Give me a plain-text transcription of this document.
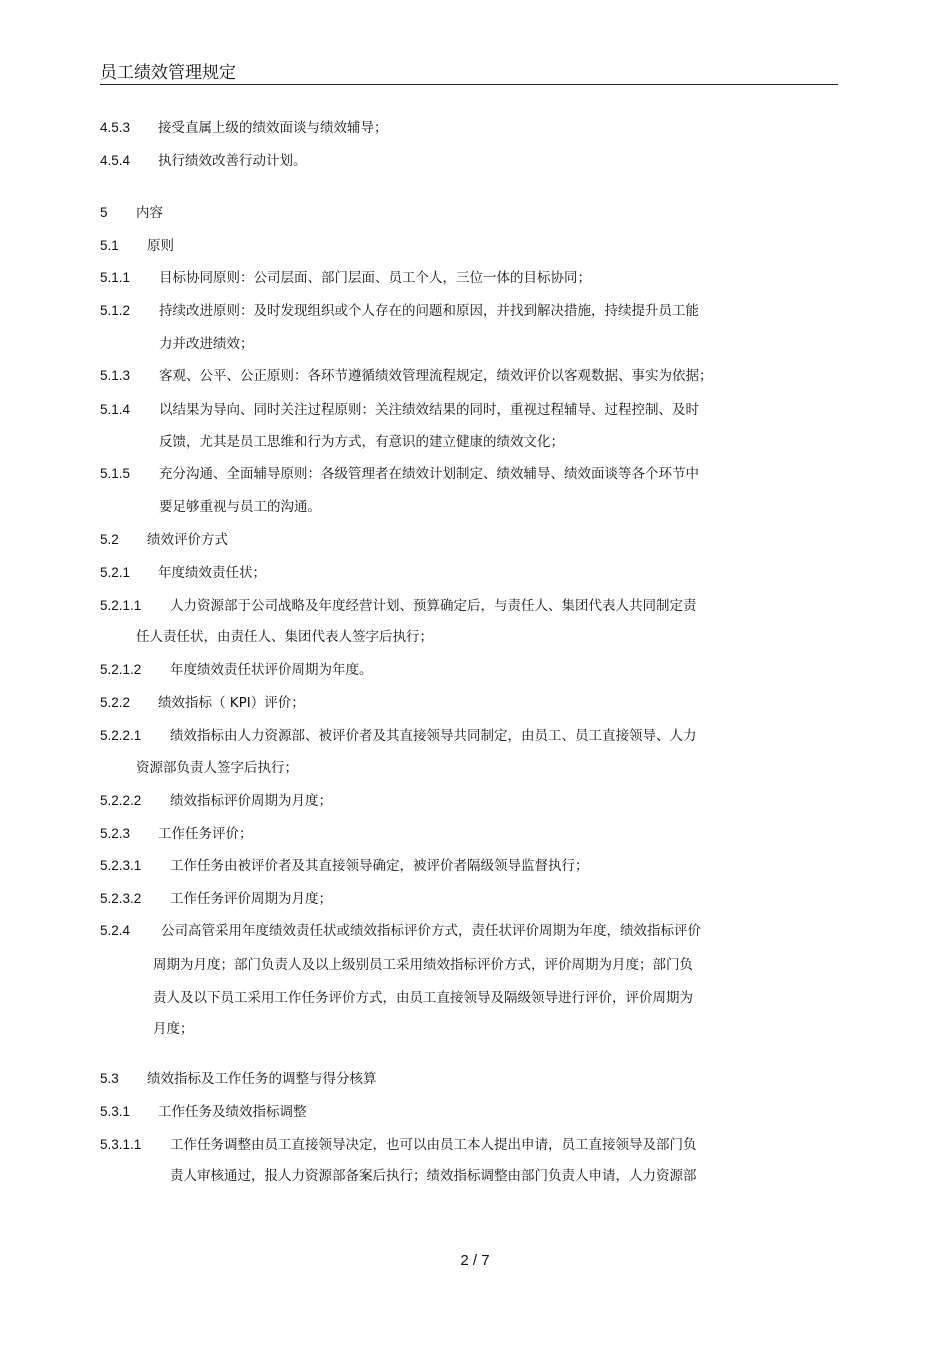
员工绩效管理规定
4.5.3 接受直属上级的绩效面谈与绩效辅导；
4.5.4 执行绩效改善行动计划。
5 内容
5.1 原则
5.1.1 目标协同原则：公司层面、部门层面、员工个人，三位一体的目标协同；
5.1.2 持续改进原则：及时发现组织或个人存在的问题和原因，并找到解决措施，持续提升员工能
力并改进绩效；
5.1.3 客观、公平、公正原则：各环节遵循绩效管理流程规定，绩效评价以客观数据、事实为依据；
5.1.4 以结果为导向、同时关注过程原则：关注绩效结果的同时，重视过程辅导、过程控制、及时
反馈，尤其是员工思维和行为方式，有意识的建立健康的绩效文化；
5.1.5 充分沟通、全面辅导原则：各级管理者在绩效计划制定、绩效辅导、绩效面谈等各个环节中
要足够重视与员工的沟通。
5.2 绩效评价方式
5.2.1 年度绩效责任状；
5.2.1.1 人力资源部于公司战略及年度经营计划、预算确定后，与责任人、集团代表人共同制定责
任人责任状，由责任人、集团代表人签字后执行；
5.2.1.2 年度绩效责任状评价周期为年度。
5.2.2 绩效指标（ KPI）评价；
5.2.2.1 绩效指标由人力资源部、被评价者及其直接领导共同制定，由员工、员工直接领导、人力
资源部负责人签字后执行；
5.2.2.2 绩效指标评价周期为月度；
5.2.3 工作任务评价；
5.2.3.1 工作任务由被评价者及其直接领导确定，被评价者隔级领导监督执行；
5.2.3.2 工作任务评价周期为月度；
5.2.4 公司高管采用年度绩效责任状或绩效指标评价方式，责任状评价周期为年度，绩效指标评价
周期为月度；部门负责人及以上级别员工采用绩效指标评价方式，评价周期为月度；部门负
责人及以下员工采用工作任务评价方式，由员工直接领导及隔级领导进行评价，评价周期为
月度；
5.3 绩效指标及工作任务的调整与得分核算
5.3.1 工作任务及绩效指标调整
5.3.1.1 工作任务调整由员工直接领导决定，也可以由员工本人提出申请，员工直接领导及部门负
责人审核通过，报人力资源部备案后执行；绩效指标调整由部门负责人申请，人力资源部
2 / 7
